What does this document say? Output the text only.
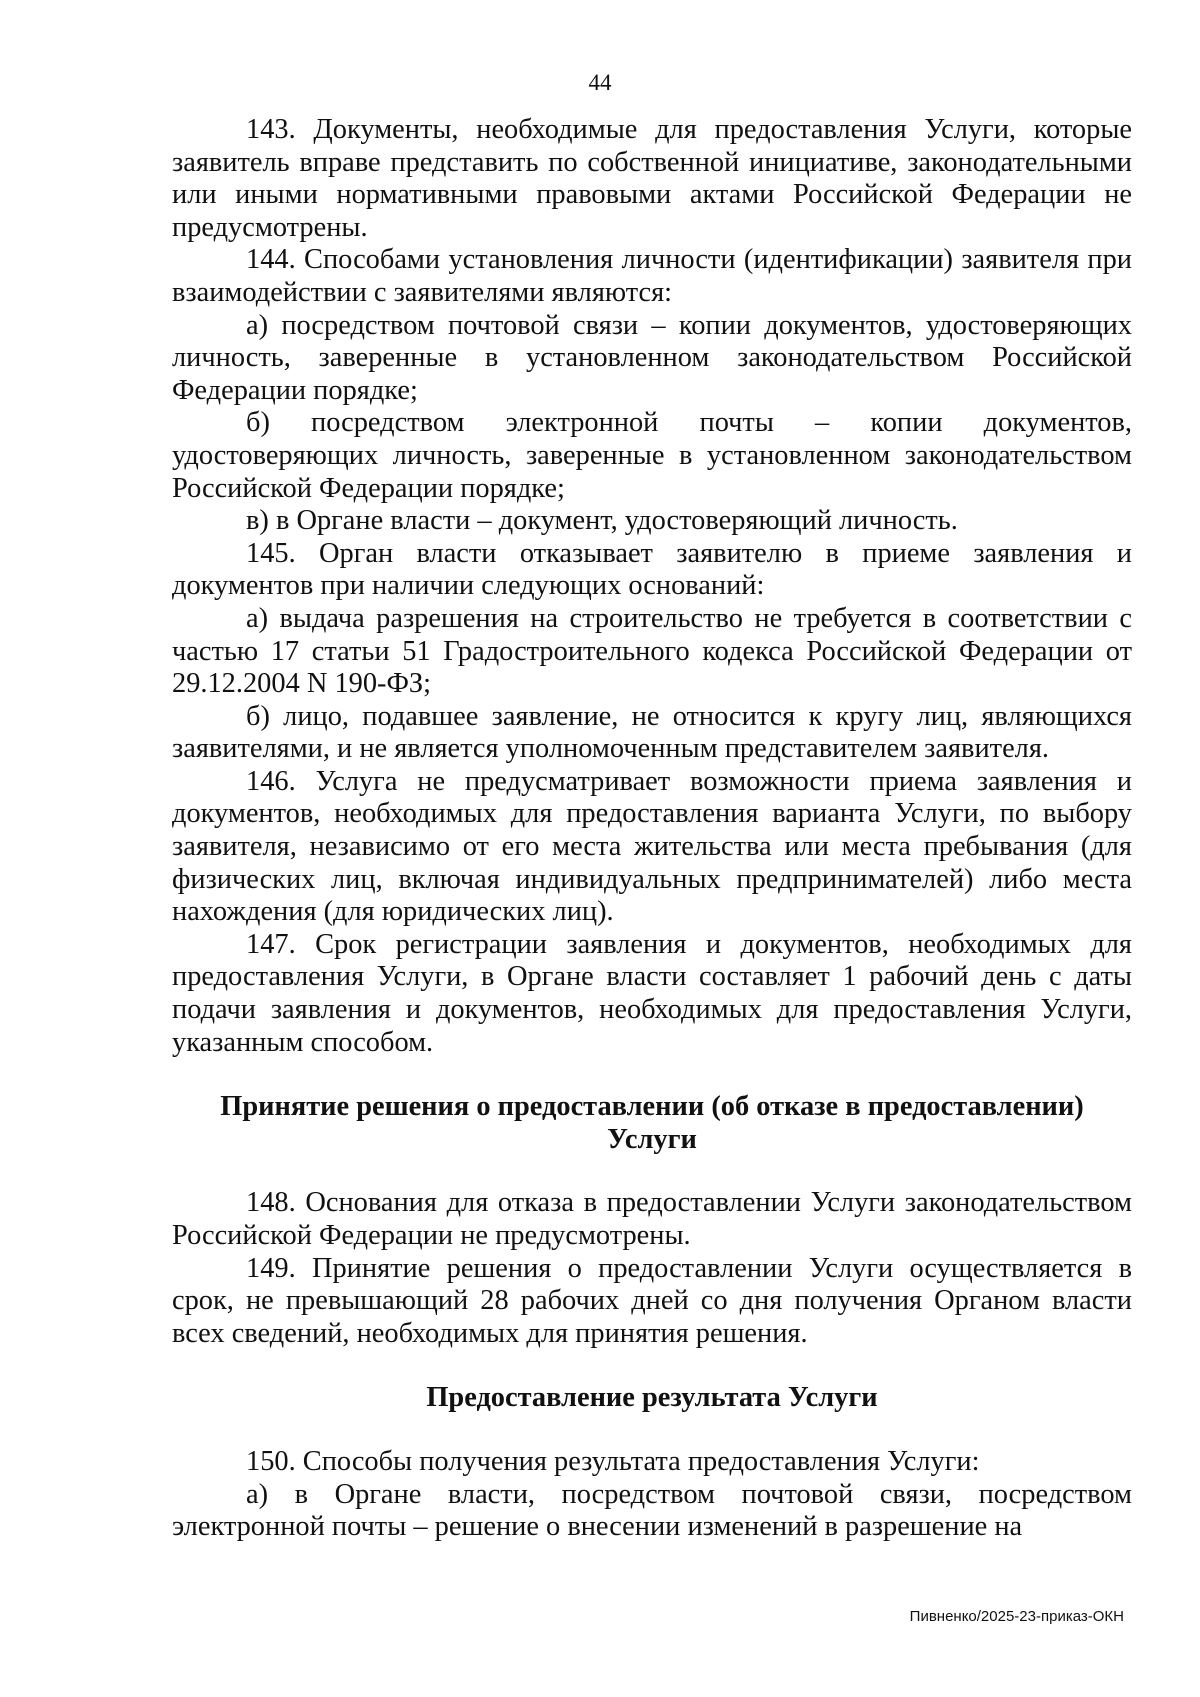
44

143. Документы, необходимые для предоставления Услуги, которые заявитель вправе представить по собственной инициативе, законодательными или иными нормативными правовыми актами Российской Федерации не предусмотрены.

144. Способами установления личности (идентификации) заявителя при взаимодействии с заявителями являются:

а) посредством почтовой связи – копии документов, удостоверяющих личность, заверенные в установленном законодательством Российской Федерации порядке;

б) посредством электронной почты – копии документов, удостоверяющих личность, заверенные в установленном законодательством Российской Федерации порядке;

в) в Органе власти – документ, удостоверяющий личность.

145. Орган власти отказывает заявителю в приеме заявления и документов при наличии следующих оснований:

а) выдача разрешения на строительство не требуется в соответствии с частью 17 статьи 51 Градостроительного кодекса Российской Федерации от 29.12.2004 N 190-ФЗ;

б) лицо, подавшее заявление, не относится к кругу лиц, являющихся заявителями, и не является уполномоченным представителем заявителя.

146. Услуга не предусматривает возможности приема заявления и документов, необходимых для предоставления варианта Услуги, по выбору заявителя, независимо от его места жительства или места пребывания (для физических лиц, включая индивидуальных предпринимателей) либо места нахождения (для юридических лиц).

147. Срок регистрации заявления и документов, необходимых для предоставления Услуги, в Органе власти составляет 1 рабочий день с даты подачи заявления и документов, необходимых для предоставления Услуги, указанным способом.

Принятие решения о предоставлении (об отказе в предоставлении)
Услуги

148. Основания для отказа в предоставлении Услуги законодательством Российской Федерации не предусмотрены.

149. Принятие решения о предоставлении Услуги осуществляется в срок, не превышающий 28 рабочих дней со дня получения Органом власти всех сведений, необходимых для принятия решения.

Предоставление результата Услуги

150. Способы получения результата предоставления Услуги:

а) в Органе власти, посредством почтовой связи, посредством электронной почты – решение о внесении изменений в разрешение на

Пивненко/2025-23-приказ-ОКН
